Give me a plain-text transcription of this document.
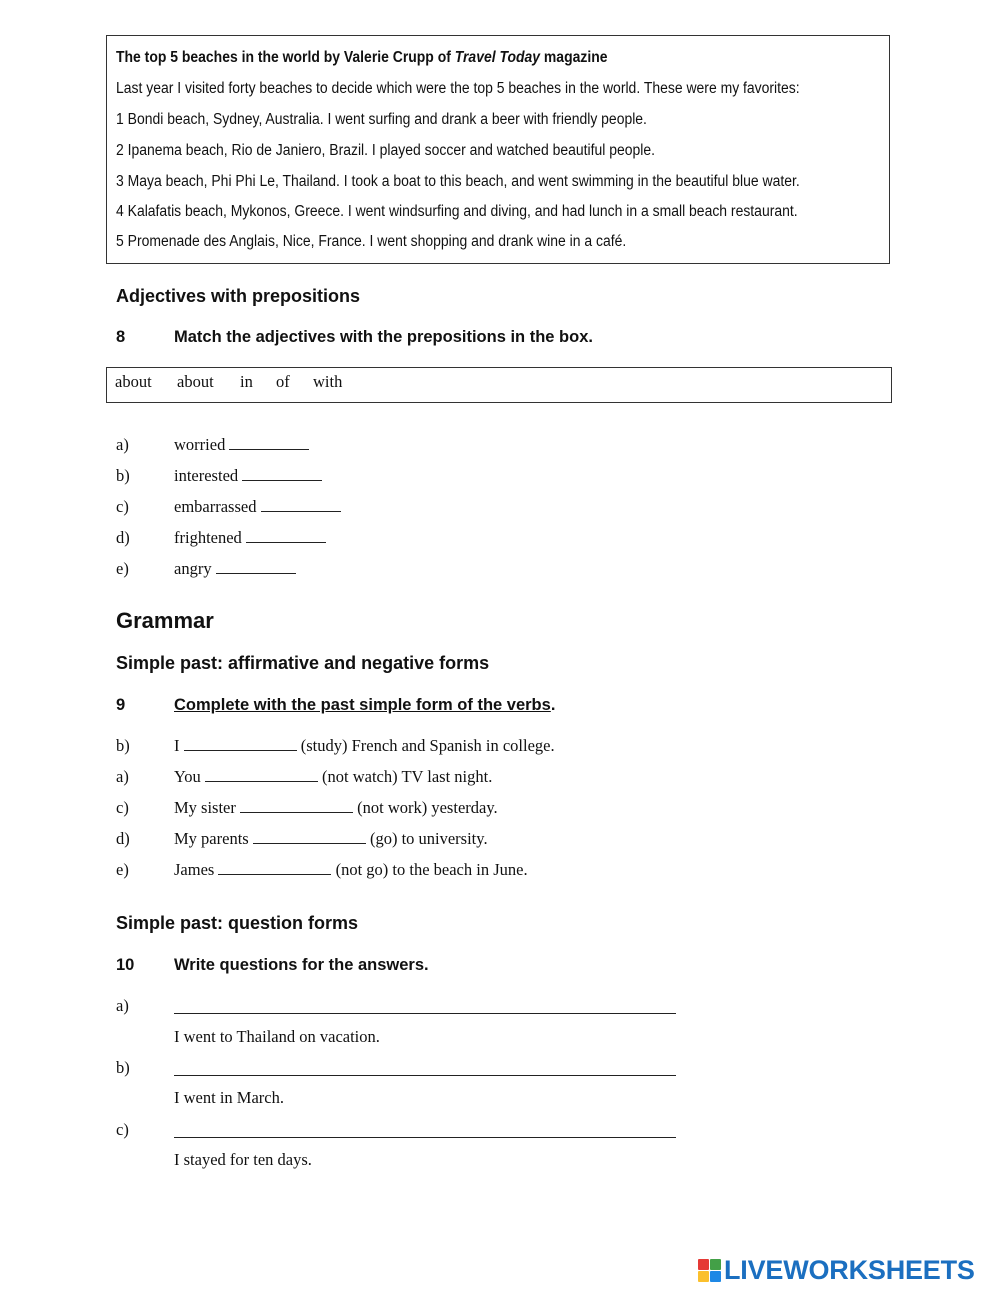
The top 5 beaches in the world by Valerie Crupp of Travel Today magazine
Last year I visited forty beaches to decide which were the top 5 beaches in the world. These were my favorites:
1 Bondi beach, Sydney, Australia. I went surfing and drank a beer with friendly people.
2 Ipanema beach, Rio de Janiero, Brazil. I played soccer and watched beautiful people.
3 Maya beach, Phi Phi Le, Thailand. I took a boat to this beach, and went swimming in the beautiful blue water.
4 Kalafatis beach, Mykonos, Greece. I went windsurfing and diving, and had lunch in a small beach restaurant.
5 Promenade des Anglais, Nice, France. I went shopping and drank wine in a café.
Adjectives with prepositions
8	Match the adjectives with the prepositions in the box.
about about in of with
a)	worried
b)	interested
c)	embarrassed
d)	frightened
e)	angry
Grammar
Simple past: affirmative and negative forms
9	Complete with the past simple form of the verbs.
b)	I	(study) French and Spanish in college.
a)	You	(not watch) TV last night.
c)	My sister	(not work) yesterday.
d)	My parents	(go) to university.
e)	James	(not go) to the beach in June.
Simple past: question forms
10 Write questions for the answers.
a)
I went to Thailand on vacation.
b)
I went in March.
c)
I stayed for ten days.
LIVEWORKSHEETS
